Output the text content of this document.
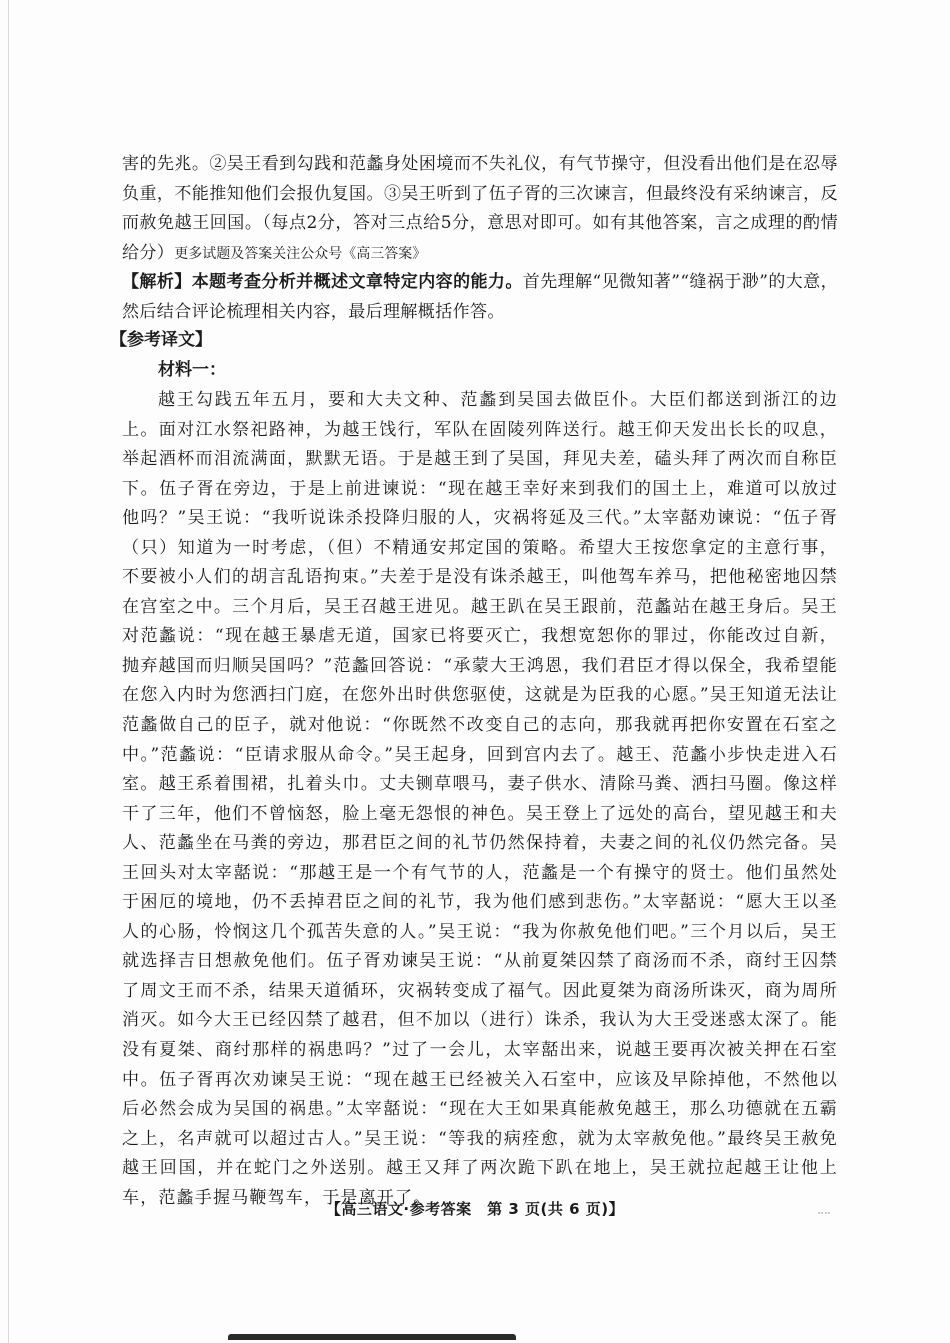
害的先兆。②吴王看到勾践和范蠡身处困境而不失礼仪，有气节操守，但没看出他们是在忍辱负重，不能推知他们会报仇复国。③吴王听到了伍子胥的三次谏言，但最终没有采纳谏言，反而赦免越王回国。（每点2分，答对三点给5分，意思对即可。如有其他答案，言之成理的酌情给分）更多试题及答案关注公众号《高三答案》

【解析】本题考查分析并概述文章特定内容的能力。首先理解“见微知著”“缝祸于渺”的大意，然后结合评论梳理相关内容，最后理解概括作答。

【参考译文】
材料一：

越王勾践五年五月，要和大夫文种、范蠡到吴国去做臣仆。大臣们都送到浙江的边上。面对江水祭祀路神，为越王饯行，军队在固陵列阵送行。越王仰天发出长长的叹息，举起酒杯而泪流满面，默默无语。于是越王到了吴国，拜见夫差，磕头拜了两次而自称臣下。伍子胥在旁边，于是上前进谏说：“现在越王幸好来到我们的国土上，难道可以放过他吗？”吴王说：“我听说诛杀投降归服的人，灾祸将延及三代。”太宰嚭劝谏说：“伍子胥（只）知道为一时考虑，（但）不精通安邦定国的策略。希望大王按您拿定的主意行事，不要被小人们的胡言乱语拘束。”夫差于是没有诛杀越王，叫他驾车养马，把他秘密地囚禁在宫室之中。三个月后，吴王召越王进见。越王趴在吴王跟前，范蠡站在越王身后。吴王对范蠡说：“现在越王暴虐无道，国家已将要灭亡，我想宽恕你的罪过，你能改过自新，抛弃越国而归顺吴国吗？”范蠡回答说：“承蒙大王鸿恩，我们君臣才得以保全，我希望能在您入内时为您洒扫门庭，在您外出时供您驱使，这就是为臣我的心愿。”吴王知道无法让范蠡做自己的臣子，就对他说：“你既然不改变自己的志向，那我就再把你安置在石室之中。”范蠡说：“臣请求服从命令。”吴王起身，回到宫内去了。越王、范蠡小步快走进入石室。越王系着围裙，扎着头巾。丈夫铡草喂马，妻子供水、清除马粪、洒扫马圈。像这样干了三年，他们不曾恼怒，脸上毫无怨恨的神色。吴王登上了远处的高台，望见越王和夫人、范蠡坐在马粪的旁边，那君臣之间的礼节仍然保持着，夫妻之间的礼仪仍然完备。吴王回头对太宰嚭说：“那越王是一个有气节的人，范蠡是一个有操守的贤士。他们虽然处于困厄的境地，仍不丢掉君臣之间的礼节，我为他们感到悲伤。”太宰嚭说：“愿大王以圣人的心肠，怜悯这几个孤苦失意的人。”吴王说：“我为你赦免他们吧。”三个月以后，吴王就选择吉日想赦免他们。伍子胥劝谏吴王说：“从前夏桀囚禁了商汤而不杀，商纣王囚禁了周文王而不杀，结果天道循环，灾祸转变成了福气。因此夏桀为商汤所诛灭，商为周所消灭。如今大王已经囚禁了越君，但不加以（进行）诛杀，我认为大王受迷惑太深了。能没有夏桀、商纣那样的祸患吗？”过了一会儿，太宰嚭出来，说越王要再次被关押在石室中。伍子胥再次劝谏吴王说：“现在越王已经被关入石室中，应该及早除掉他，不然他以后必然会成为吴国的祸患。”太宰嚭说：“现在大王如果真能赦免越王，那么功德就在五霸之上，名声就可以超过古人。”吴王说：“等我的病痊愈，就为太宰赦免他。”最终吴王赦免越王回国，并在蛇门之外送别。越王又拜了两次跪下趴在地上，吴王就拉起越王让他上车，范蠡手握马鞭驾车，于是离开了。

【高三语文·参考答案　第 3 页(共 6 页)】
